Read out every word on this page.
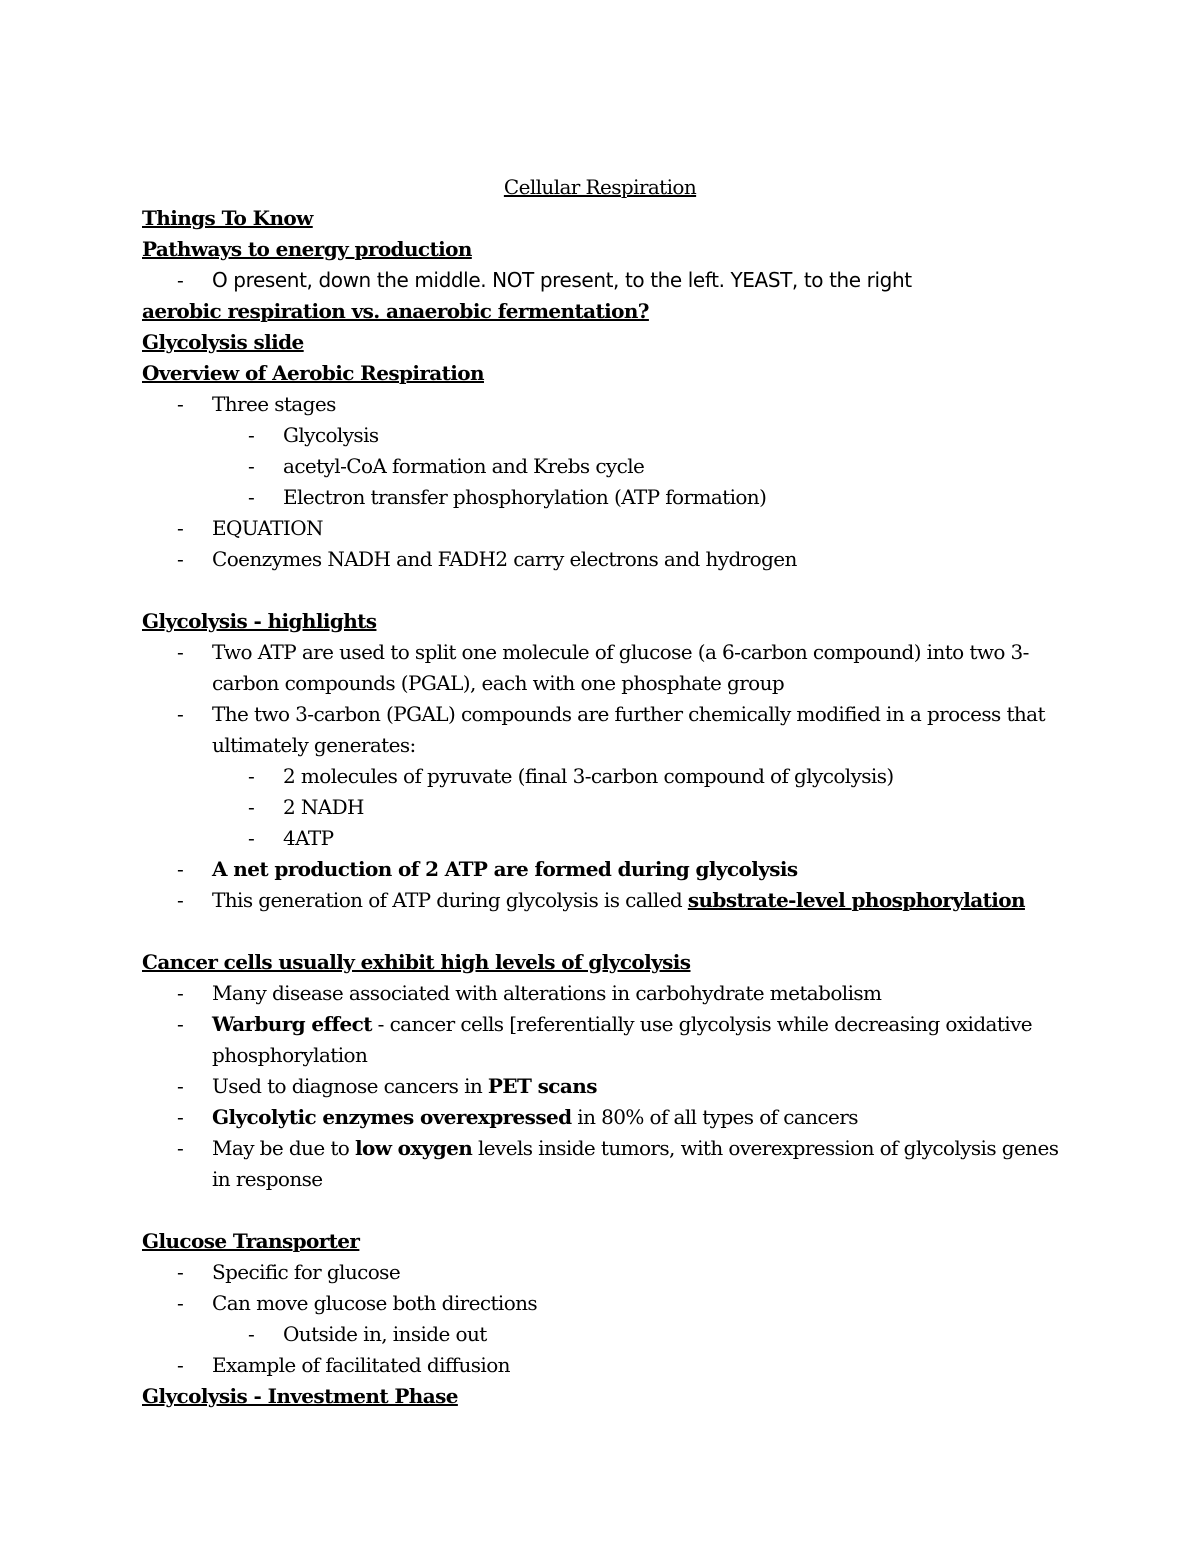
Cellular Respiration
Things To Know
Pathways to energy production
- O present, down the middle. NOT present, to the left. YEAST, to the right
aerobic respiration vs. anaerobic fermentation?
Glycolysis slide
Overview of Aerobic Respiration
- Three stages
- Glycolysis
- acetyl-CoA formation and Krebs cycle
- Electron transfer phosphorylation (ATP formation)
- EQUATION
- Coenzymes NADH and FADH2 carry electrons and hydrogen
Glycolysis - highlights
- Two ATP are used to split one molecule of glucose (a 6-carbon compound) into two 3-carbon compounds (PGAL), each with one phosphate group
- The two 3-carbon (PGAL) compounds are further chemically modified in a process that ultimately generates:
- 2 molecules of pyruvate (final 3-carbon compound of glycolysis)
- 2 NADH
- 4ATP
- A net production of 2 ATP are formed during glycolysis
- This generation of ATP during glycolysis is called substrate-level phosphorylation
Cancer cells usually exhibit high levels of glycolysis
- Many disease associated with alterations in carbohydrate metabolism
- Warburg effect - cancer cells [referentially use glycolysis while decreasing oxidative phosphorylation
- Used to diagnose cancers in PET scans
- Glycolytic enzymes overexpressed in 80% of all types of cancers
- May be due to low oxygen levels inside tumors, with overexpression of glycolysis genes in response
Glucose Transporter
- Specific for glucose
- Can move glucose both directions
- Outside in, inside out
- Example of facilitated diffusion
Glycolysis - Investment Phase
